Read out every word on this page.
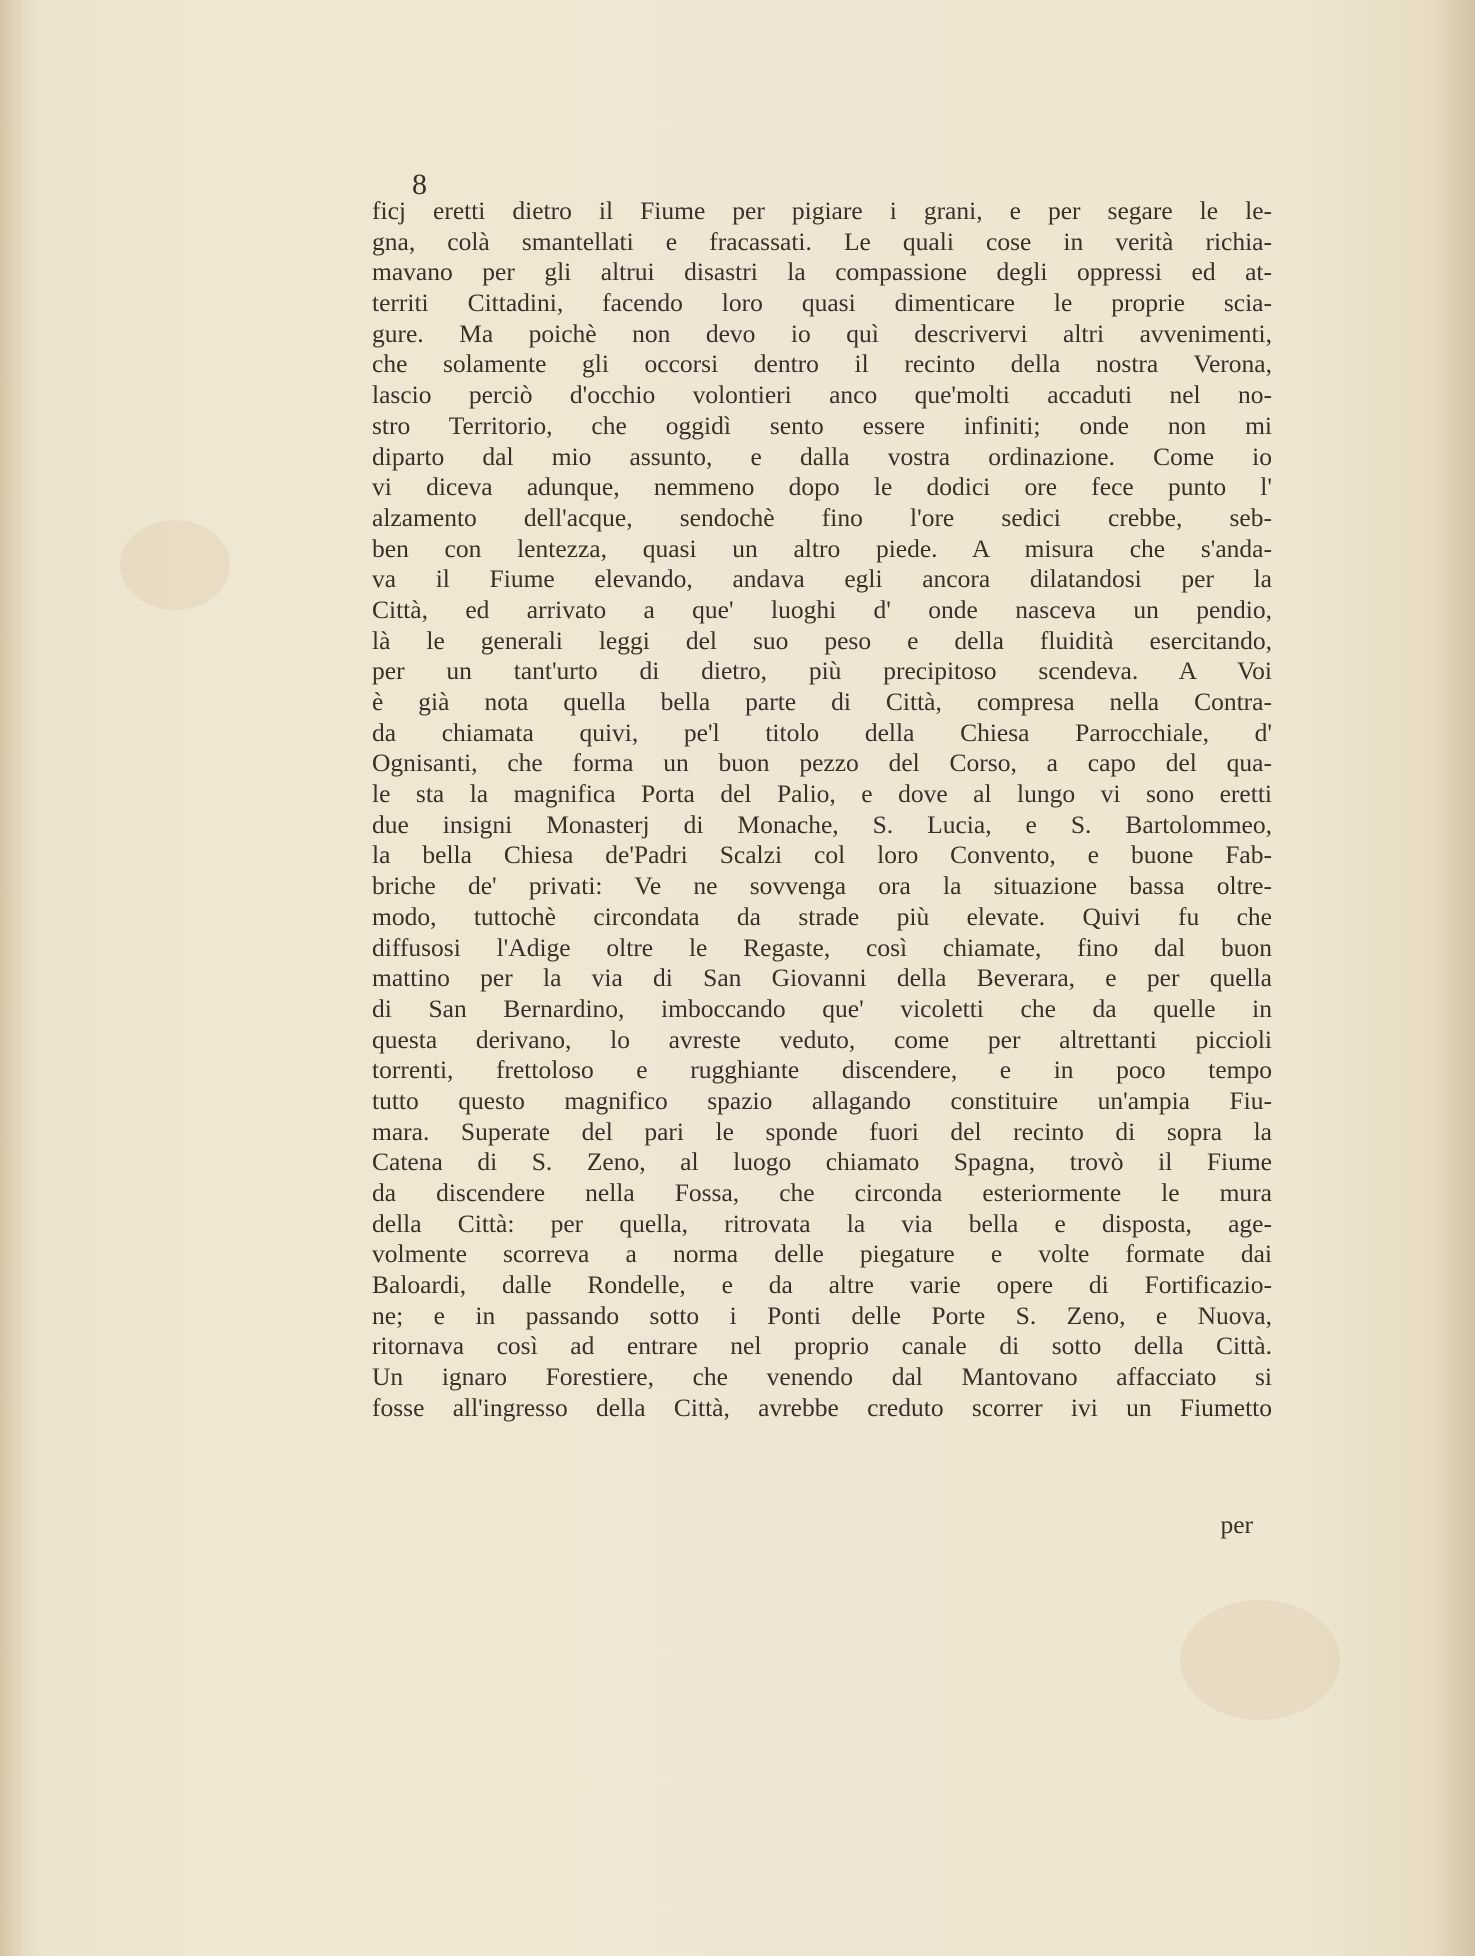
8

ficj eretti dietro il Fiume per pigiare i grani, e per segare le le-

gna, colà smantellati e fracassati. Le quali cose in verità richia-

mavano per gli altrui disastri la compassione degli oppressi ed at-

territi Cittadini, facendo loro quasi dimenticare le proprie scia-

gure. Ma poichè non devo io quì descrivervi altri avvenimenti,

che solamente gli occorsi dentro il recinto della nostra Verona,

lascio perciò d'occhio volontieri anco que'molti accaduti nel no-

stro Territorio, che oggidì sento essere infiniti; onde non mi

diparto dal mio assunto, e dalla vostra ordinazione. Come io

vi diceva adunque, nemmeno dopo le dodici ore fece punto l'

alzamento dell'acque, sendochè fino l'ore sedici crebbe, seb-

ben con lentezza, quasi un altro piede. A misura che s'anda-

va il Fiume elevando, andava egli ancora dilatandosi per la

Città, ed arrivato a que' luoghi d' onde nasceva un pendio,

là le generali leggi del suo peso e della fluidità esercitando,

per un tant'urto di dietro, più precipitoso scendeva. A Voi

è già nota quella bella parte di Città, compresa nella Contra-

da chiamata quivi, pe'l titolo della Chiesa Parrocchiale, d'

Ognisanti, che forma un buon pezzo del Corso, a capo del qua-

le sta la magnifica Porta del Palio, e dove al lungo vi sono eretti

due insigni Monasterj di Monache, S. Lucia, e S. Bartolommeo,

la bella Chiesa de'Padri Scalzi col loro Convento, e buone Fab-

briche de' privati: Ve ne sovvenga ora la situazione bassa oltre-

modo, tuttochè circondata da strade più elevate. Quivi fu che

diffusosi l'Adige oltre le Regaste, così chiamate, fino dal buon

mattino per la via di San Giovanni della Beverara, e per quella

di San Bernardino, imboccando que' vicoletti che da quelle in

questa derivano, lo avreste veduto, come per altrettanti piccioli

torrenti, frettoloso e rugghiante discendere, e in poco tempo

tutto questo magnifico spazio allagando constituire un'ampia Fiu-

mara. Superate del pari le sponde fuori del recinto di sopra la

Catena di S. Zeno, al luogo chiamato Spagna, trovò il Fiume

da discendere nella Fossa, che circonda esteriormente le mura

della Città: per quella, ritrovata la via bella e disposta, age-

volmente scorreva a norma delle piegature e volte formate dai

Baloardi, dalle Rondelle, e da altre varie opere di Fortificazio-

ne; e in passando sotto i Ponti delle Porte S. Zeno, e Nuova,

ritornava così ad entrare nel proprio canale di sotto della Città.

Un ignaro Forestiere, che venendo dal Mantovano affacciato si

fosse all'ingresso della Città, avrebbe creduto scorrer ivi un Fiumetto

per
